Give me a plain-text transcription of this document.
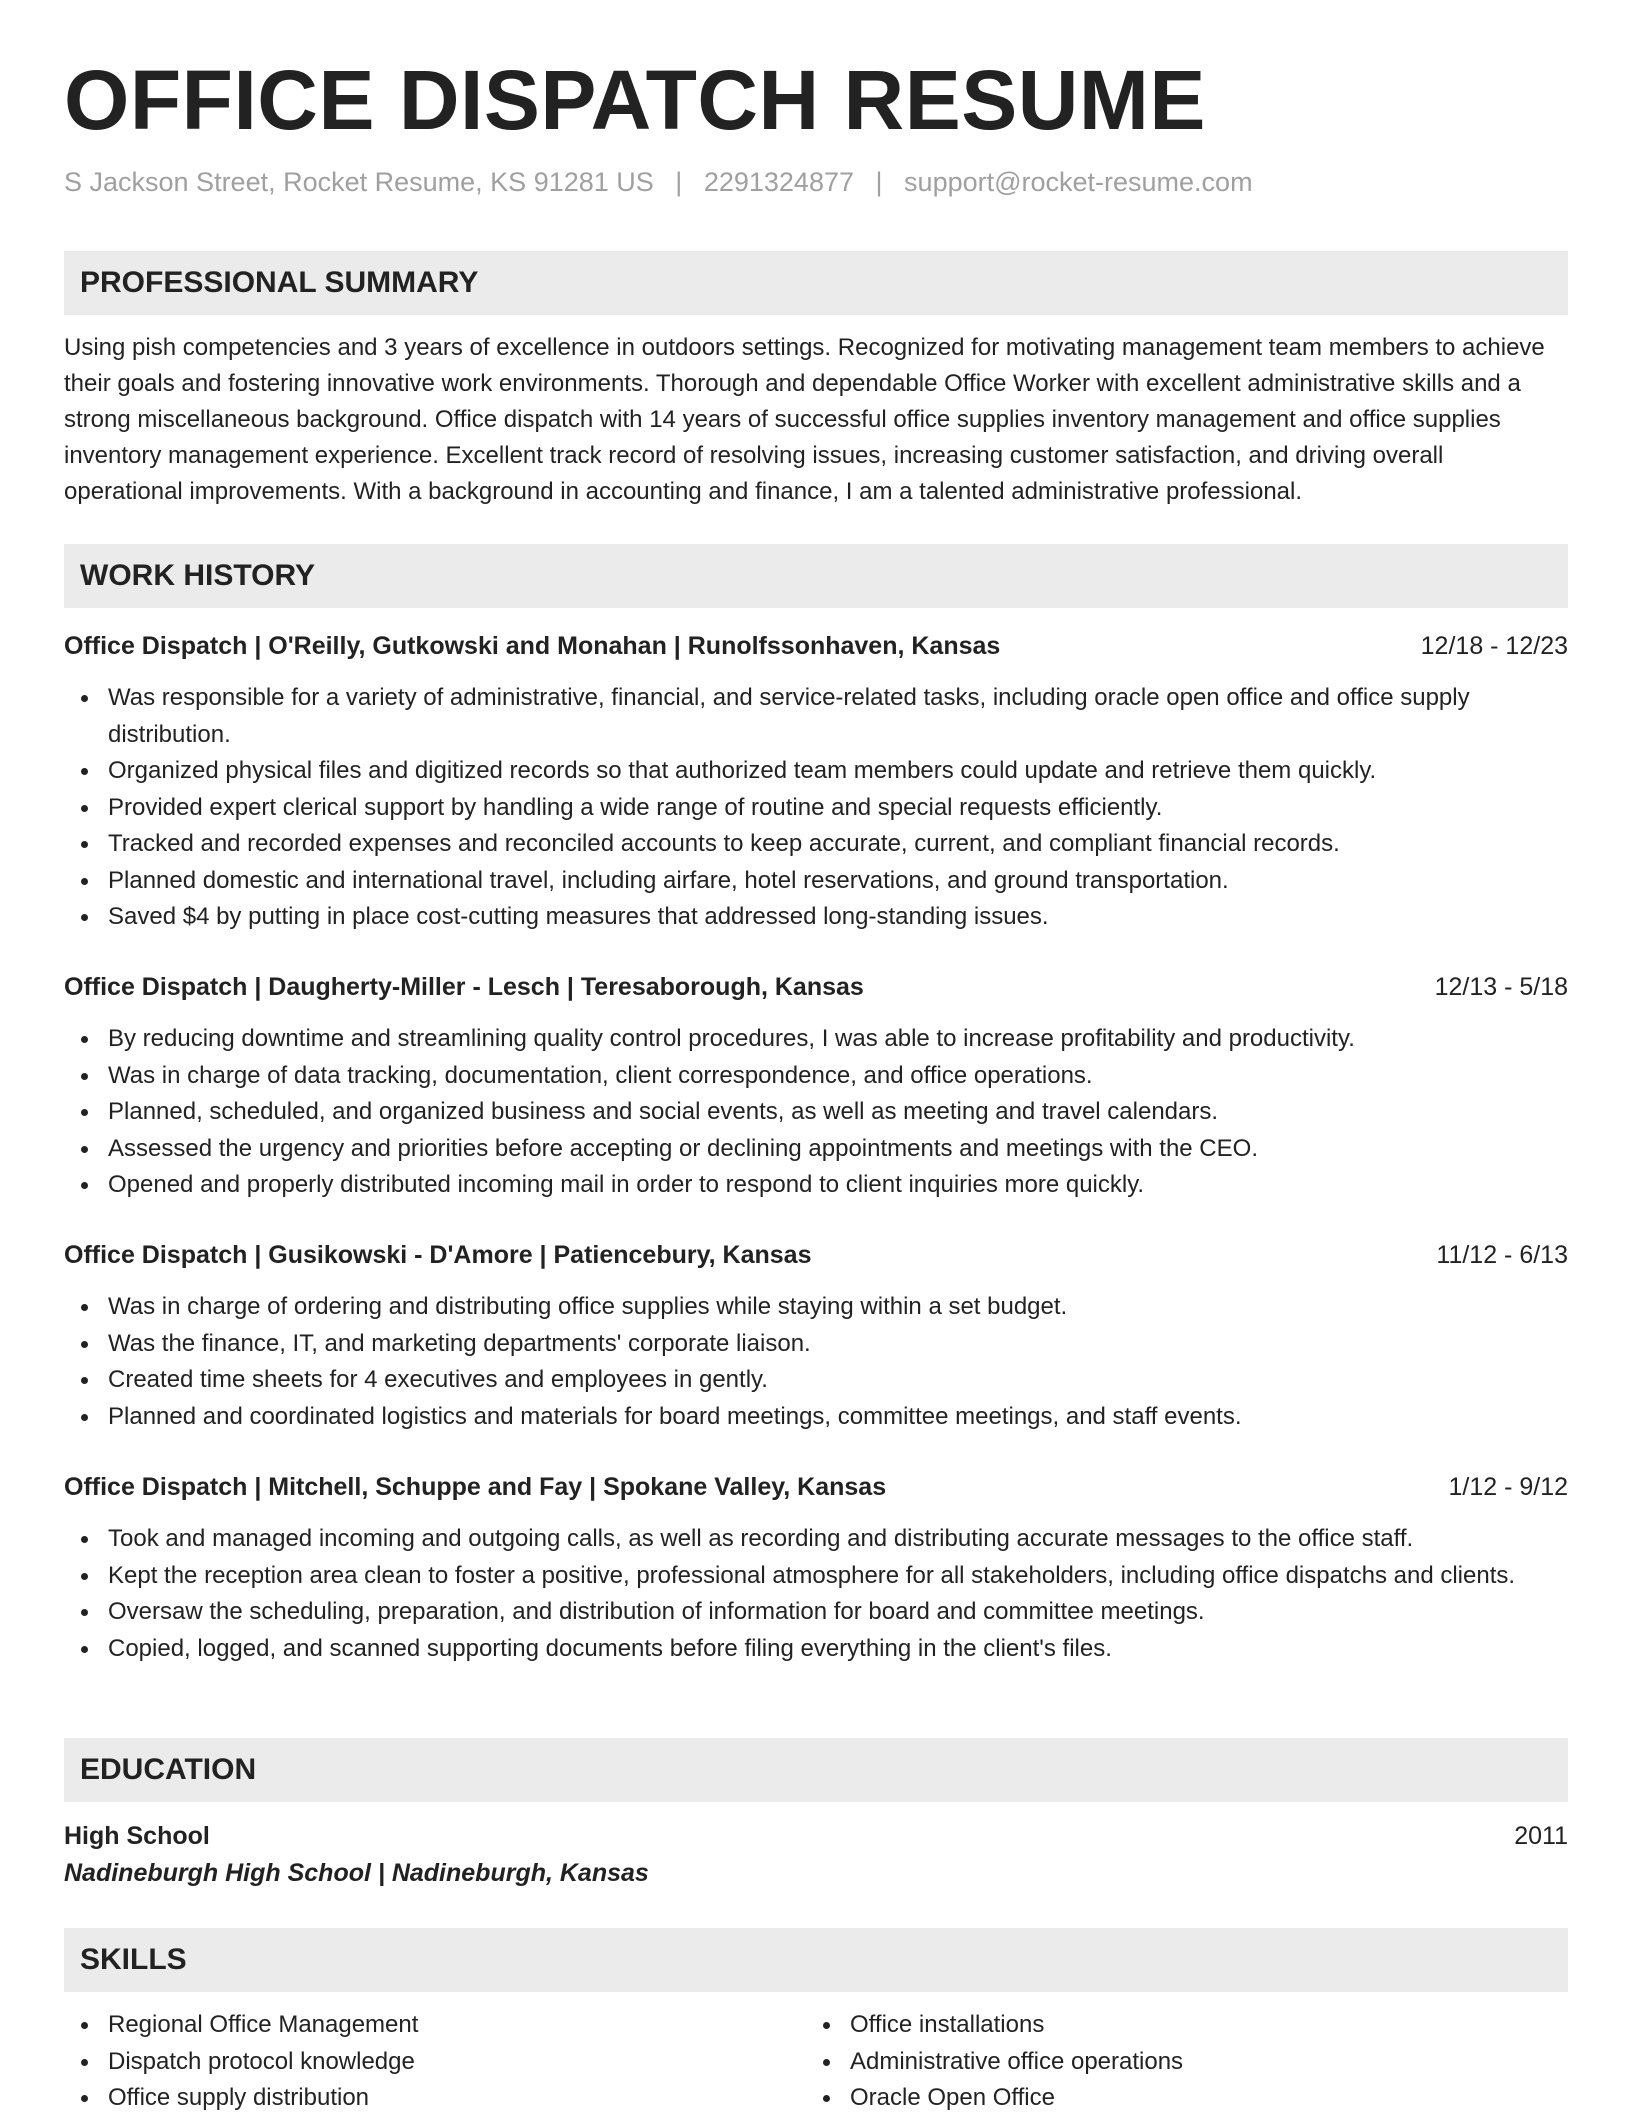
OFFICE DISPATCH RESUME
S Jackson Street, Rocket Resume, KS 91281 US | 2291324877 | support@rocket-resume.com
PROFESSIONAL SUMMARY

Using pish competencies and 3 years of excellence in outdoors settings. Recognized for motivating management team members to achieve their goals and fostering innovative work environments. Thorough and dependable Office Worker with excellent administrative skills and a strong miscellaneous background. Office dispatch with 14 years of successful office supplies inventory management and office supplies inventory management experience. Excellent track record of resolving issues, increasing customer satisfaction, and driving overall operational improvements. With a background in accounting and finance, I am a talented administrative professional.

WORK HISTORY
Office Dispatch | O'Reilly, Gutkowski and Monahan | Runolfssonhaven, Kansas	12/18 - 12/23
Was responsible for a variety of administrative, financial, and service-related tasks, including oracle open office and office supply distribution.
Organized physical files and digitized records so that authorized team members could update and retrieve them quickly.
Provided expert clerical support by handling a wide range of routine and special requests efficiently.
Tracked and recorded expenses and reconciled accounts to keep accurate, current, and compliant financial records.
Planned domestic and international travel, including airfare, hotel reservations, and ground transportation.
Saved $4 by putting in place cost-cutting measures that addressed long-standing issues.
Office Dispatch | Daugherty-Miller - Lesch | Teresaborough, Kansas	12/13 - 5/18
By reducing downtime and streamlining quality control procedures, I was able to increase profitability and productivity.
Was in charge of data tracking, documentation, client correspondence, and office operations.
Planned, scheduled, and organized business and social events, as well as meeting and travel calendars.
Assessed the urgency and priorities before accepting or declining appointments and meetings with the CEO.
Opened and properly distributed incoming mail in order to respond to client inquiries more quickly.
Office Dispatch | Gusikowski - D'Amore | Patiencebury, Kansas	11/12 - 6/13
Was in charge of ordering and distributing office supplies while staying within a set budget.
Was the finance, IT, and marketing departments' corporate liaison.
Created time sheets for 4 executives and employees in gently.
Planned and coordinated logistics and materials for board meetings, committee meetings, and staff events.
Office Dispatch | Mitchell, Schuppe and Fay | Spokane Valley, Kansas	1/12 - 9/12
Took and managed incoming and outgoing calls, as well as recording and distributing accurate messages to the office staff.
Kept the reception area clean to foster a positive, professional atmosphere for all stakeholders, including office dispatchs and clients.
Oversaw the scheduling, preparation, and distribution of information for board and committee meetings.
Copied, logged, and scanned supporting documents before filing everything in the client's files.
EDUCATION
High School	2011
Nadineburgh High School | Nadineburgh, Kansas
SKILLS
Regional Office Management
Dispatch protocol knowledge
Office supply distribution
Office installations
Administrative office operations
Oracle Open Office
